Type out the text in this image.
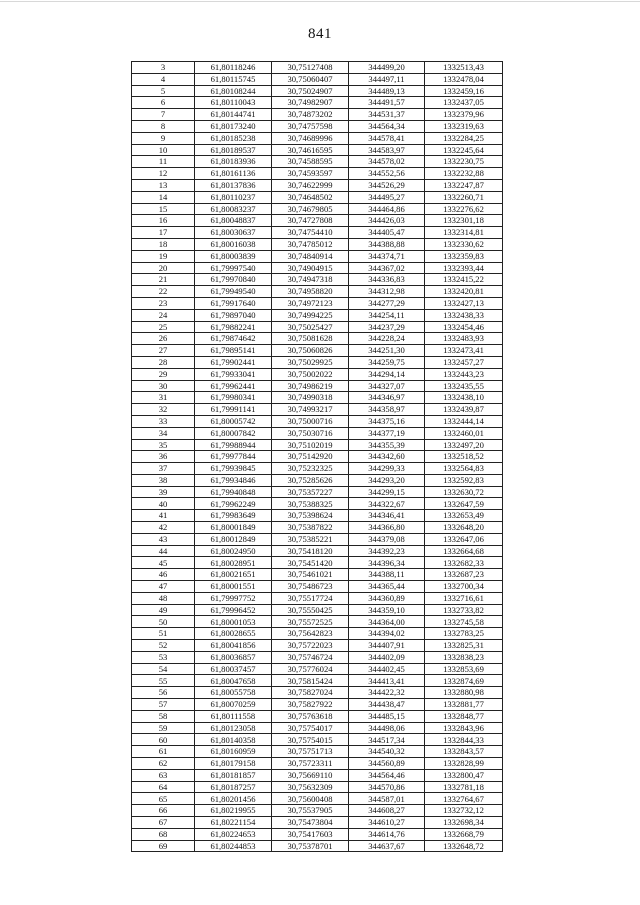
841
3	61,80118246	30,75127408	344499,20	1332513,43
4	61,80115745	30,75060407	344497,11	1332478,04
5	61,80108244	30,75024907	344489,13	1332459,16
6	61,80110043	30,74982907	344491,57	1332437,05
7	61,80144741	30,74873202	344531,37	1332379,96
8	61,80173240	30,74757598	344564,34	1332319,63
9	61,80185238	30,74689996	344578,41	1332284,25
10	61,80189537	30,74616595	344583,97	1332245,64
11	61,80183936	30,74588595	344578,02	1332230,75
12	61,80161136	30,74593597	344552,56	1332232,88
13	61,80137836	30,74622999	344526,29	1332247,87
14	61,80110237	30,74648502	344495,27	1332260,71
15	61,80083237	30,74679805	344464,86	1332276,62
16	61,80048837	30,74727808	344426,03	1332301,18
17	61,80030637	30,74754410	344405,47	1332314,81
18	61,80016038	30,74785012	344388,88	1332330,62
19	61,80003839	30,74840914	344374,71	1332359,83
20	61,79997540	30,74904915	344367,02	1332393,44
21	61,79970840	30,74947318	344336,83	1332415,22
22	61,79949540	30,74958820	344312,98	1332420,81
23	61,79917640	30,74972123	344277,29	1332427,13
24	61,79897040	30,74994225	344254,11	1332438,33
25	61,79882241	30,75025427	344237,29	1332454,46
26	61,79874642	30,75081628	344228,24	1332483,93
27	61,79895141	30,75060826	344251,30	1332473,41
28	61,79902441	30,75029925	344259,75	1332457,27
29	61,79933041	30,75002022	344294,14	1332443,23
30	61,79962441	30,74986219	344327,07	1332435,55
31	61,79980341	30,74990318	344346,97	1332438,10
32	61,79991141	30,74993217	344358,97	1332439,87
33	61,80005742	30,75000716	344375,16	1332444,14
34	61,80007842	30,75030716	344377,19	1332460,01
35	61,79988944	30,75102019	344355,39	1332497,20
36	61,79977844	30,75142920	344342,60	1332518,52
37	61,79939845	30,75232325	344299,33	1332564,83
38	61,79934846	30,75285626	344293,20	1332592,83
39	61,79940848	30,75357227	344299,15	1332630,72
40	61,79962249	30,75388325	344322,67	1332647,59
41	61,79983649	30,75398624	344346,41	1332653,49
42	61,80001849	30,75387822	344366,80	1332648,20
43	61,80012849	30,75385221	344379,08	1332647,06
44	61,80024950	30,75418120	344392,23	1332664,68
45	61,80028951	30,75451420	344396,34	1332682,33
46	61,80021651	30,75461021	344388,11	1332687,23
47	61,80001551	30,75486723	344365,44	1332700,34
48	61,79997752	30,75517724	344360,89	1332716,61
49	61,79996452	30,75550425	344359,10	1332733,82
50	61,80001053	30,75572525	344364,00	1332745,58
51	61,80028655	30,75642823	344394,02	1332783,25
52	61,80041856	30,75722023	344407,91	1332825,31
53	61,80036857	30,75746724	344402,09	1332838,23
54	61,80037457	30,75776024	344402,45	1332853,69
55	61,80047658	30,75815424	344413,41	1332874,69
56	61,80055758	30,75827024	344422,32	1332880,98
57	61,80070259	30,75827922	344438,47	1332881,77
58	61,80111558	30,75763618	344485,15	1332848,77
59	61,80123058	30,75754017	344498,06	1332843,96
60	61,80140358	30,75754015	344517,34	1332844,33
61	61,80160959	30,75751713	344540,32	1332843,57
62	61,80179158	30,75723311	344560,89	1332828,99
63	61,80181857	30,75669110	344564,46	1332800,47
64	61,80187257	30,75632309	344570,86	1332781,18
65	61,80201456	30,75600408	344587,01	1332764,67
66	61,80219955	30,75537905	344608,27	1332732,12
67	61,80221154	30,75473804	344610,27	1332698,34
68	61,80224653	30,75417603	344614,76	1332668,79
69	61,80244853	30,75378701	344637,67	1332648,72
